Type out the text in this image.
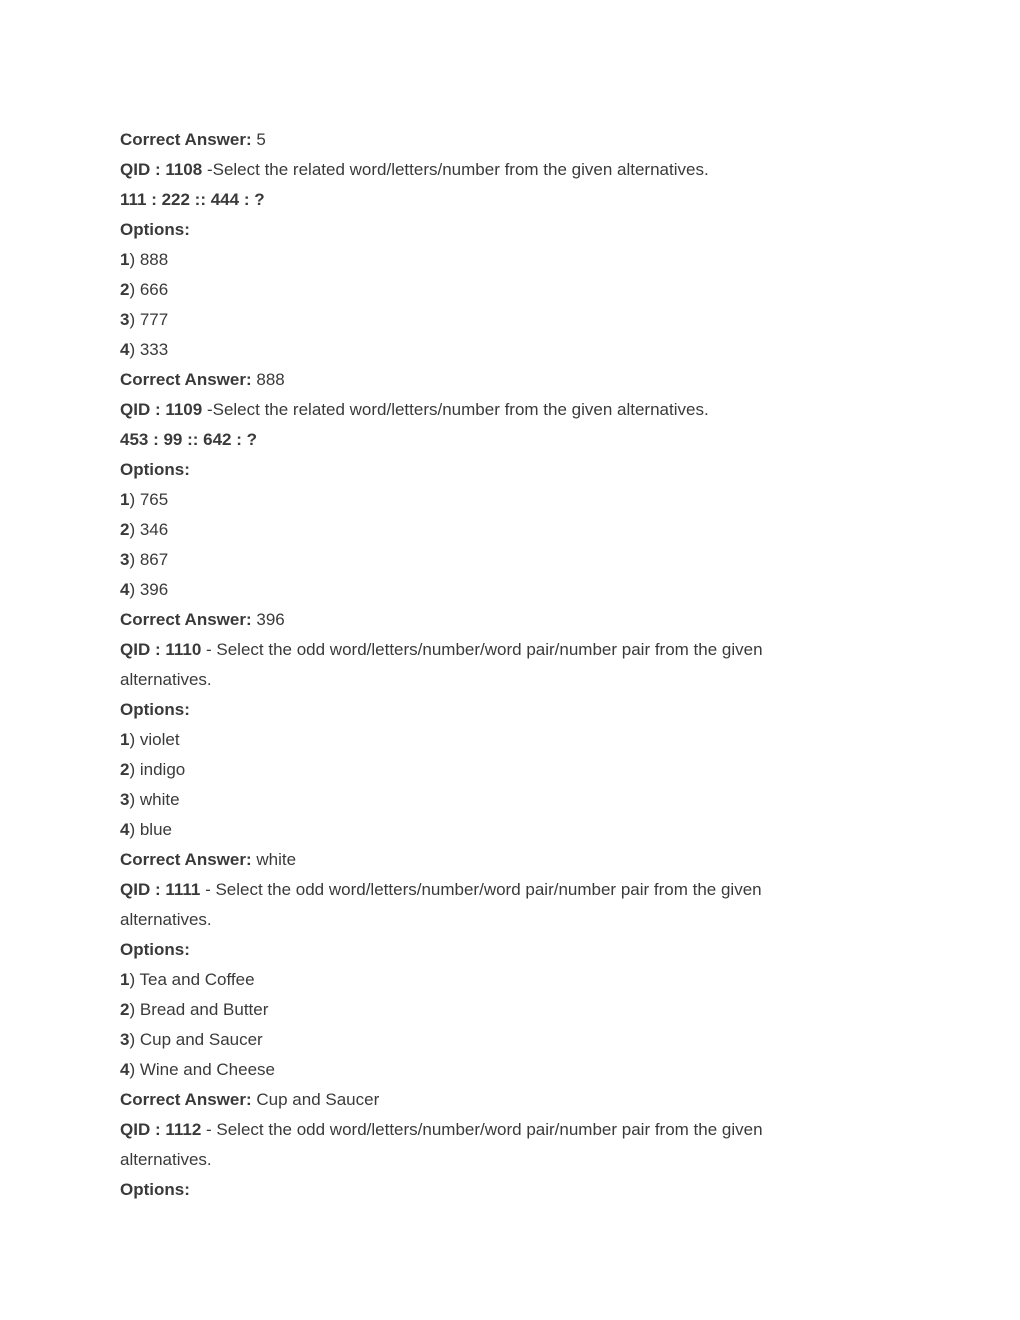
Correct Answer: 5

QID : 1108 -Select the related word/letters/number from the given alternatives.

111 : 222 :: 444 : ?

Options:

1) 888

2) 666

3) 777

4) 333

Correct Answer: 888

QID : 1109 -Select the related word/letters/number from the given alternatives.

453 : 99 :: 642 : ?

Options:

1) 765

2) 346

3) 867

4) 396

Correct Answer: 396

QID : 1110 - Select the odd word/letters/number/word pair/number pair from the given alternatives.

Options:

1) violet

2) indigo

3) white

4) blue

Correct Answer: white

QID : 1111 - Select the odd word/letters/number/word pair/number pair from the given alternatives.

Options:

1) Tea and Coffee

2) Bread and Butter

3) Cup and Saucer

4) Wine and Cheese

Correct Answer: Cup and Saucer

QID : 1112 - Select the odd word/letters/number/word pair/number pair from the given alternatives.

Options:
